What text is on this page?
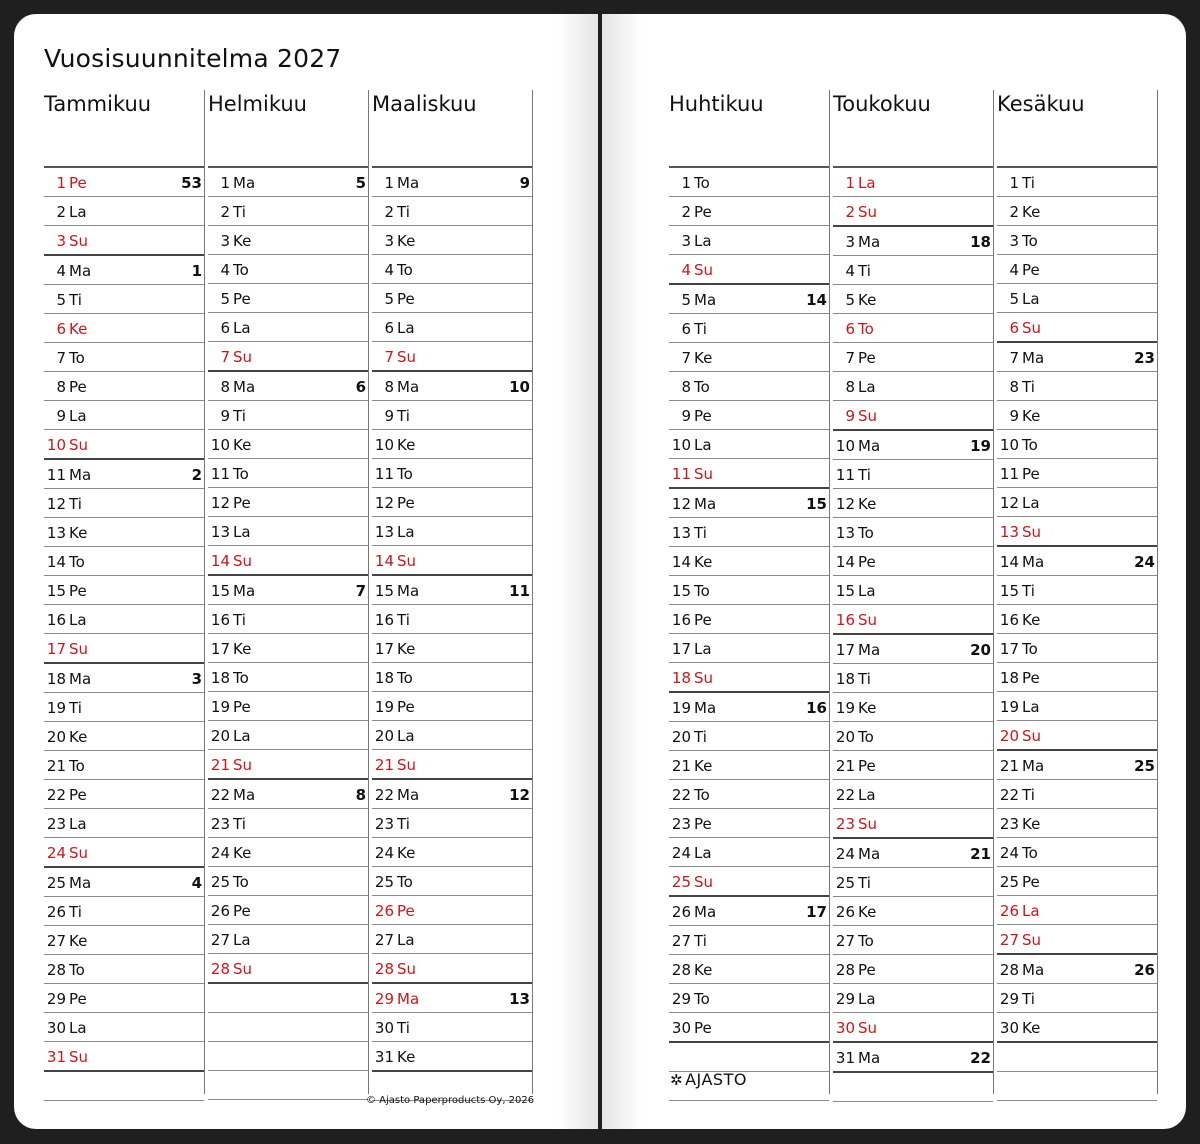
Vuosisuunnitelma 2027
Tammikuu
1 Pe	53
2 La
3 Su
4 Ma	1
5 Ti
6 Ke
7 To
8 Pe
9 La
10 Su
11 Ma	2
12 Ti
13 Ke
14 To
15 Pe
16 La
17 Su
18 Ma	3
19 Ti
20 Ke
21 To
22 Pe
23 La
24 Su
25 Ma	4
26 Ti
27 Ke
28 To
29 Pe
30 La
31 Su
Helmikuu
1 Ma	5
2 Ti
3 Ke
4 To
5 Pe
6 La
7 Su
8 Ma	6
9 Ti
10 Ke
11 To
12 Pe
13 La
14 Su
15 Ma	7
16 Ti
17 Ke
18 To
19 Pe
20 La
21 Su
22 Ma	8
23 Ti
24 Ke
25 To
26 Pe
27 La
28 Su
Maaliskuu
1 Ma	9
2 Ti
3 Ke
4 To
5 Pe
6 La
7 Su
8 Ma	10
9 Ti
10 Ke
11 To
12 Pe
13 La
14 Su
15 Ma	11
16 Ti
17 Ke
18 To
19 Pe
20 La
21 Su
22 Ma	12
23 Ti
24 Ke
25 To
26 Pe
27 La
28 Su
29 Ma	13
30 Ti
31 Ke
Huhtikuu
1 To
2 Pe
3 La
4 Su
5 Ma	14
6 Ti
7 Ke
8 To
9 Pe
10 La
11 Su
12 Ma	15
13 Ti
14 Ke
15 To
16 Pe
17 La
18 Su
19 Ma	16
20 Ti
21 Ke
22 To
23 Pe
24 La
25 Su
26 Ma	17
27 Ti
28 Ke
29 To
30 Pe
Toukokuu
1 La
2 Su
3 Ma	18
4 Ti
5 Ke
6 To
7 Pe
8 La
9 Su
10 Ma	19
11 Ti
12 Ke
13 To
14 Pe
15 La
16 Su
17 Ma	20
18 Ti
19 Ke
20 To
21 Pe
22 La
23 Su
24 Ma	21
25 Ti
26 Ke
27 To
28 Pe
29 La
30 Su
31 Ma	22
Kesäkuu
1 Ti
2 Ke
3 To
4 Pe
5 La
6 Su
7 Ma	23
8 Ti
9 Ke
10 To
11 Pe
12 La
13 Su
14 Ma	24
15 Ti
16 Ke
17 To
18 Pe
19 La
20 Su
21 Ma	25
22 Ti
23 Ke
24 To
25 Pe
26 La
27 Su
28 Ma	26
29 Ti
30 Ke
© Ajasto Paperproducts Oy, 2026
✲ AJASTO
